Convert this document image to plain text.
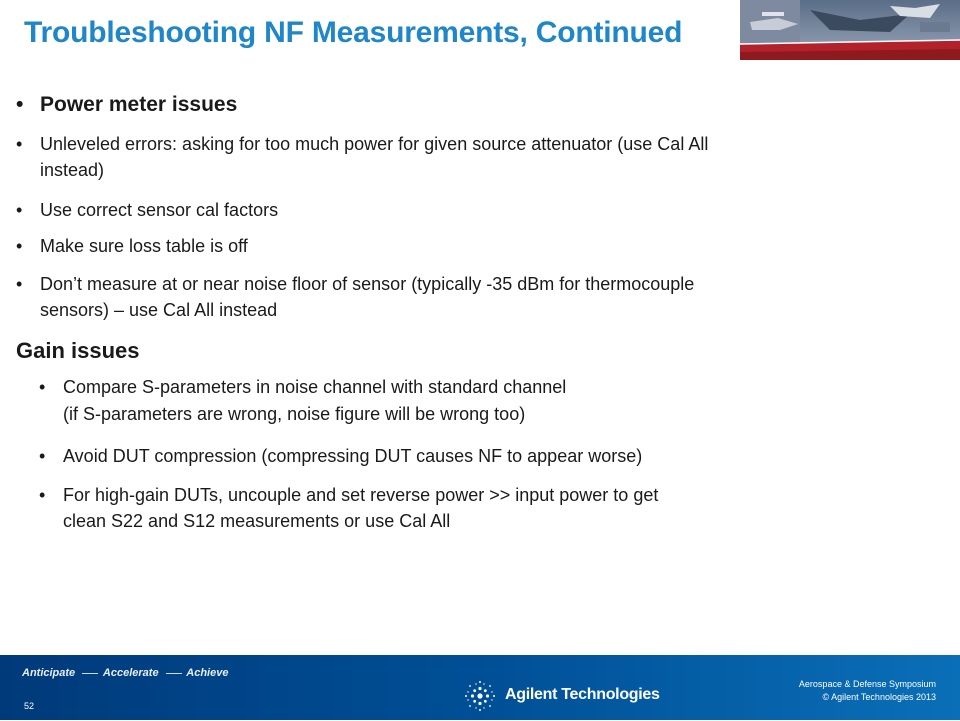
Troubleshooting NF Measurements, Continued
• Power meter issues
• Unleveled errors: asking for too much power for given source attenuator (use Cal All
instead)
• Use correct sensor cal factors
• Make sure loss table is off
• Don’t measure at or near noise floor of sensor (typically -35 dBm for thermocouple
sensors) – use Cal All instead
Gain issues
• Compare S-parameters in noise channel with standard channel
(if S-parameters are wrong, noise figure will be wrong too)
• Avoid DUT compression (compressing DUT causes NF to appear worse)
• For high-gain DUTs, uncouple and set reverse power >> input power to get
clean S22 and S12 measurements or use Cal All
Anticipate	Accelerate	Achieve
52
Agilent Technologies
Aerospace & Defense Symposium
© Agilent Technologies 2013
